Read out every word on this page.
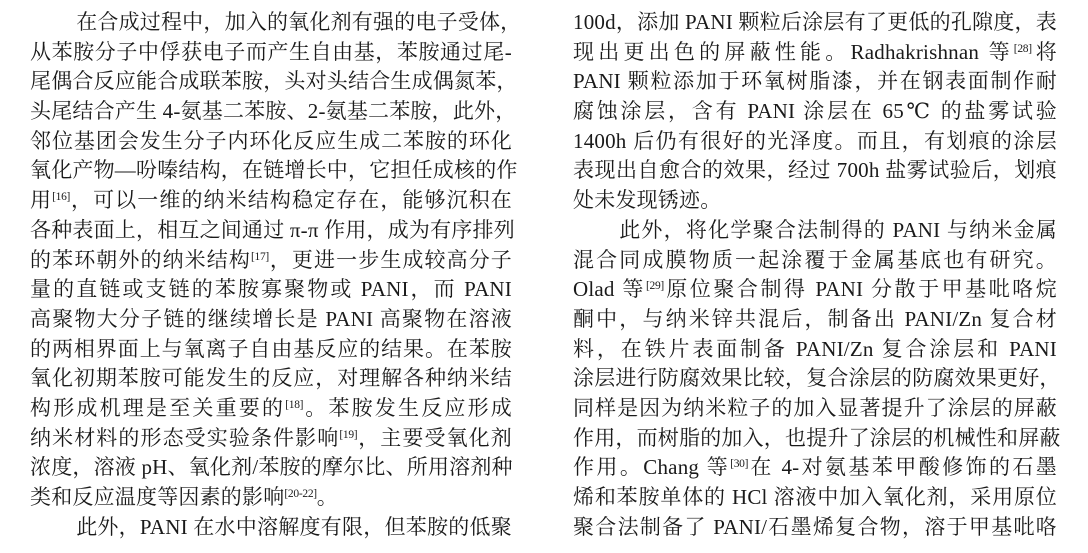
在合成过程中，加入的氧化剂有强的电子受体，
从苯胺分子中俘获电子而产生自由基，苯胺通过尾-
尾偶合反应能合成联苯胺，头对头结合生成偶氮苯，
头尾结合产生 4-氨基二苯胺、2-氨基二苯胺，此外，
邻位基团会发生分子内环化反应生成二苯胺的环化
氧化产物—吩嗪结构，在链增长中，它担任成核的作
用[16]，可以一维的纳米结构稳定存在，能够沉积在
各种表面上，相互之间通过 π-π 作用，成为有序排列
的苯环朝外的纳米结构[17]，更进一步生成较高分子
量的直链或支链的苯胺寡聚物或 PANI，而 PANI
高聚物大分子链的继续增长是 PANI 高聚物在溶液
的两相界面上与氧离子自由基反应的结果。在苯胺
氧化初期苯胺可能发生的反应，对理解各种纳米结
构形成机理是至关重要的[18]。苯胺发生反应形成
纳米材料的形态受实验条件影响[19]，主要受氧化剂
浓度，溶液 pH、氧化剂/苯胺的摩尔比、所用溶剂种
类和反应温度等因素的影响[20-22]。
此外，PANI 在水中溶解度有限，但苯胺的低聚
100d，添加 PANI 颗粒后涂层有了更低的孔隙度，表
现出更出色的屏蔽性能。Radhakrishnan 等[28]将
PANI 颗粒添加于环氧树脂漆，并在钢表面制作耐
腐蚀涂层，含有 PANI 涂层在 65℃ 的盐雾试验
1400h 后仍有很好的光泽度。而且，有划痕的涂层
表现出自愈合的效果，经过 700h 盐雾试验后，划痕
处未发现锈迹。
此外，将化学聚合法制得的 PANI 与纳米金属
混合同成膜物质一起涂覆于金属基底也有研究。
Olad 等[29]原位聚合制得 PANI 分散于甲基吡咯烷
酮中，与纳米锌共混后，制备出 PANI/Zn 复合材
料，在铁片表面制备 PANI/Zn 复合涂层和 PANI
涂层进行防腐效果比较，复合涂层的防腐效果更好，
同样是因为纳米粒子的加入显著提升了涂层的屏蔽
作用，而树脂的加入，也提升了涂层的机械性和屏蔽
作用。Chang 等[30]在 4-对氨基苯甲酸修饰的石墨
烯和苯胺单体的 HCl 溶液中加入氧化剂，采用原位
聚合法制备了 PANI/石墨烯复合物，溶于甲基吡咯
